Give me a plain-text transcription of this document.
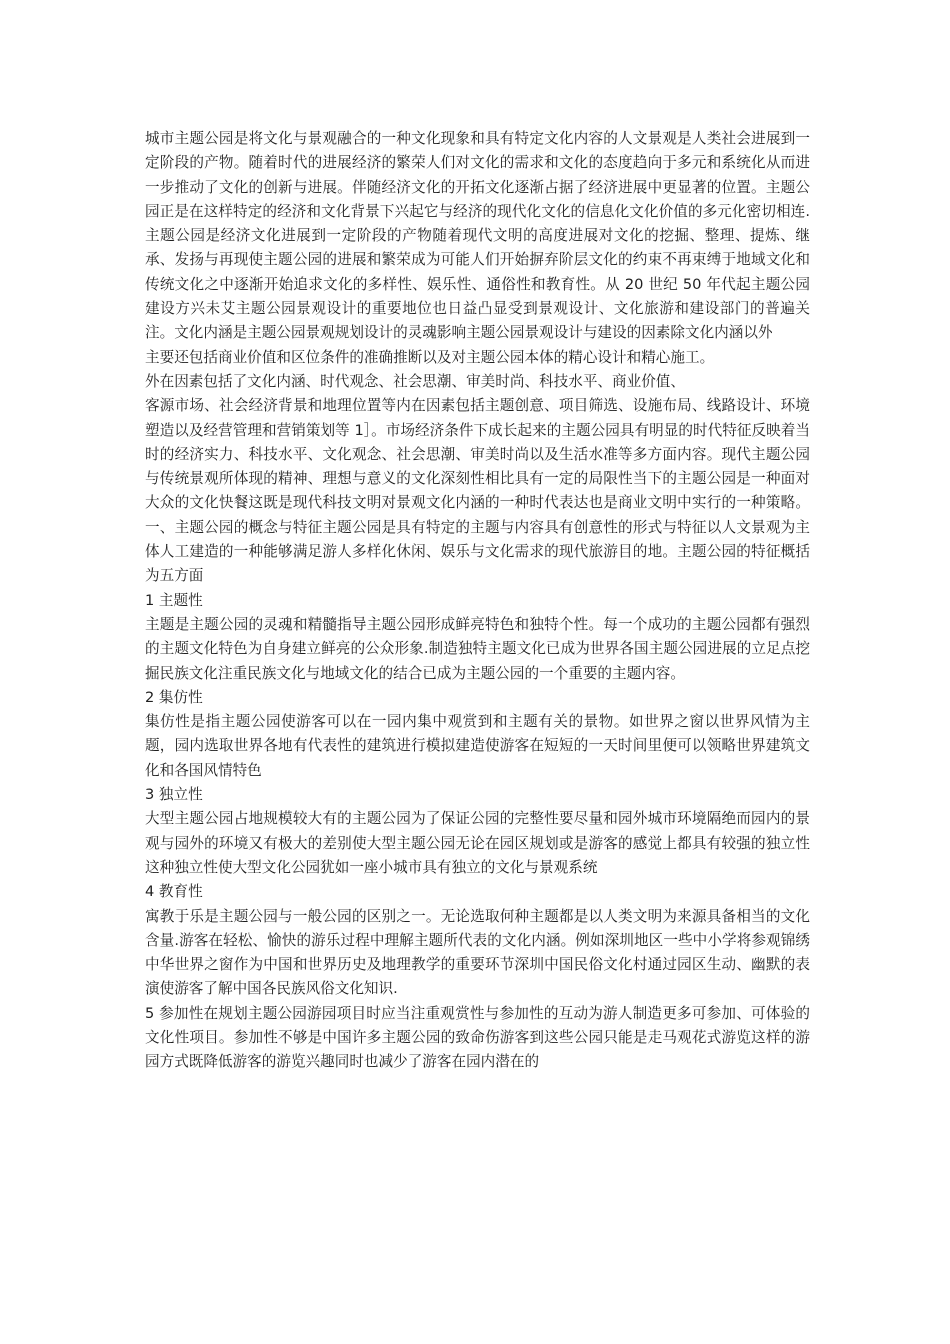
城市主题公园是将文化与景观融合的一种文化现象和具有特定文化内容的人文景观是人类社会进展到一定阶段的产物。随着时代的进展经济的繁荣人们对文化的需求和文化的态度趋向于多元和系统化从而进一步推动了文化的创新与进展。伴随经济文化的开拓文化逐渐占据了经济进展中更显著的位置。主题公园正是在这样特定的经济和文化背景下兴起它与经济的现代化文化的信息化文化价值的多元化密切相连.主题公园是经济文化进展到一定阶段的产物随着现代文明的高度进展对文化的挖掘、整理、提炼、继承、发扬与再现使主题公园的进展和繁荣成为可能人们开始摒弃阶层文化的约束不再束缚于地域文化和传统文化之中逐渐开始追求文化的多样性、娱乐性、通俗性和教育性。从 20 世纪 50 年代起主题公园建设方兴未艾主题公园景观设计的重要地位也日益凸显受到景观设计、文化旅游和建设部门的普遍关注。文化内涵是主题公园景观规划设计的灵魂影响主题公园景观设计与建设的因素除文化内涵以外

主要还包括商业价值和区位条件的准确推断以及对主题公园本体的精心设计和精心施工。

外在因素包括了文化内涵、时代观念、社会思潮、审美时尚、科技水平、商业价值、

客源市场、社会经济背景和地理位置等内在因素包括主题创意、项目筛选、设施布局、线路设计、环境塑造以及经营管理和营销策划等 1］。市场经济条件下成长起来的主题公园具有明显的时代特征反映着当时的经济实力、科技水平、文化观念、社会思潮、审美时尚以及生活水准等多方面内容。现代主题公园与传统景观所体现的精神、理想与意义的文化深刻性相比具有一定的局限性当下的主题公园是一种面对大众的文化快餐这既是现代科技文明对景观文化内涵的一种时代表达也是商业文明中实行的一种策略。一、主题公园的概念与特征主题公园是具有特定的主题与内容具有创意性的形式与特征以人文景观为主体人工建造的一种能够满足游人多样化休闲、娱乐与文化需求的现代旅游目的地。主题公园的特征概括为五方面

1 主题性

主题是主题公园的灵魂和精髓指导主题公园形成鲜亮特色和独特个性。每一个成功的主题公园都有强烈的主题文化特色为自身建立鲜亮的公众形象.制造独特主题文化已成为世界各国主题公园进展的立足点挖掘民族文化注重民族文化与地域文化的结合已成为主题公园的一个重要的主题内容。

2 集仿性

集仿性是指主题公园使游客可以在一园内集中观赏到和主题有关的景物。如世界之窗以世界风情为主题，园内选取世界各地有代表性的建筑进行模拟建造使游客在短短的一天时间里便可以领略世界建筑文化和各国风情特色

3 独立性

大型主题公园占地规模较大有的主题公园为了保证公园的完整性要尽量和园外城市环境隔绝而园内的景观与园外的环境又有极大的差别使大型主题公园无论在园区规划或是游客的感觉上都具有较强的独立性这种独立性使大型文化公园犹如一座小城市具有独立的文化与景观系统

4 教育性

寓教于乐是主题公园与一般公园的区别之一。无论选取何种主题都是以人类文明为来源具备相当的文化含量.游客在轻松、愉快的游乐过程中理解主题所代表的文化内涵。例如深圳地区一些中小学将参观锦绣中华世界之窗作为中国和世界历史及地理教学的重要环节深圳中国民俗文化村通过园区生动、幽默的表演使游客了解中国各民族风俗文化知识.

5 参加性在规划主题公园游园项目时应当注重观赏性与参加性的互动为游人制造更多可参加、可体验的文化性项目。参加性不够是中国许多主题公园的致命伤游客到这些公园只能是走马观花式游览这样的游园方式既降低游客的游览兴趣同时也减少了游客在园内潜在的
